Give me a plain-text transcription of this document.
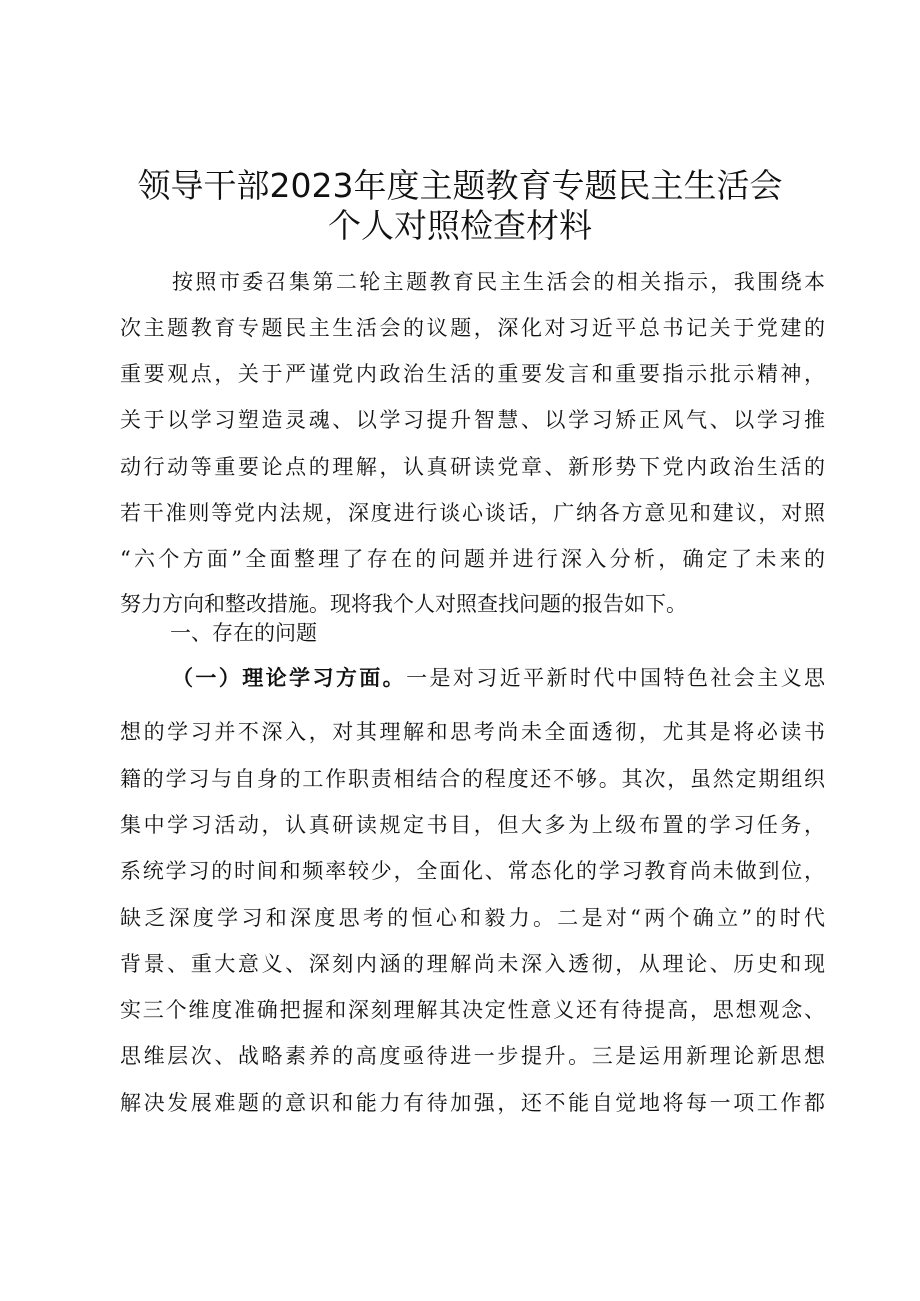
领导干部2023年度主题教育专题民主生活会
个人对照检查材料
按照市委召集第二轮主题教育民主生活会的相关指示，我围绕本
次主题教育专题民主生活会的议题，深化对习近平总书记关于党建的
重要观点，关于严谨党内政治生活的重要发言和重要指示批示精神，
关于以学习塑造灵魂、以学习提升智慧、以学习矫正风气、以学习推
动行动等重要论点的理解，认真研读党章、新形势下党内政治生活的
若干准则等党内法规，深度进行谈心谈话，广纳各方意见和建议，对照
“六个方面”全面整理了存在的问题并进行深入分析，确定了未来的
努力方向和整改措施。现将我个人对照查找问题的报告如下。
一、存在的问题
（一）理论学习方面。一是对习近平新时代中国特色社会主义思
想的学习并不深入，对其理解和思考尚未全面透彻，尤其是将必读书
籍的学习与自身的工作职责相结合的程度还不够。其次，虽然定期组织
集中学习活动，认真研读规定书目，但大多为上级布置的学习任务，
系统学习的时间和频率较少，全面化、常态化的学习教育尚未做到位，
缺乏深度学习和深度思考的恒心和毅力。二是对“两个确立”的时代
背景、重大意义、深刻内涵的理解尚未深入透彻，从理论、历史和现
实三个维度准确把握和深刻理解其决定性意义还有待提高，思想观念、
思维层次、战略素养的高度亟待进一步提升。三是运用新理论新思想
解决发展难题的意识和能力有待加强，还不能自觉地将每一项工作都
